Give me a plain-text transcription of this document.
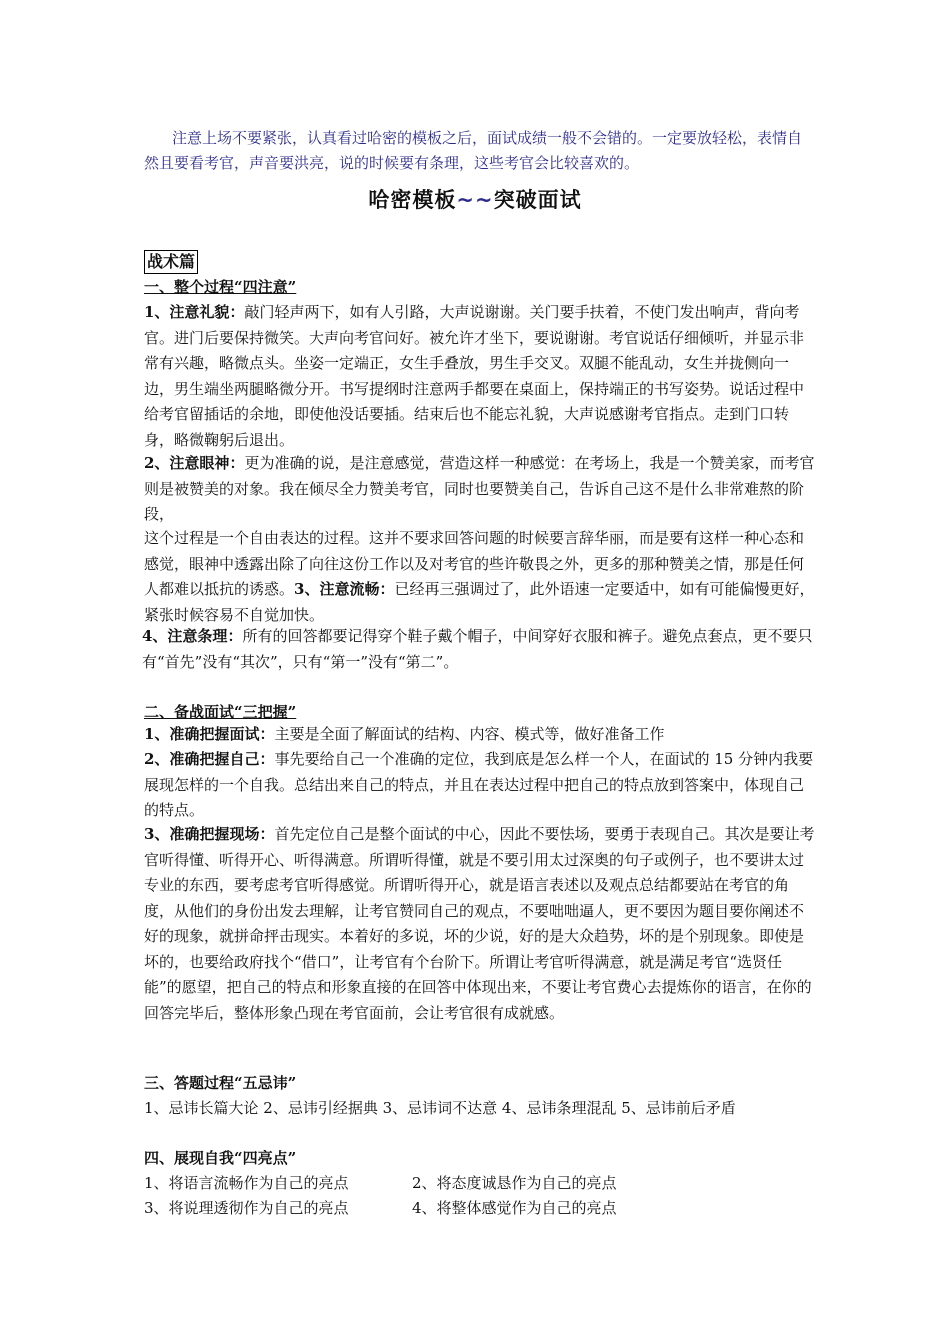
注意上场不要紧张，认真看过哈密的模板之后，面试成绩一般不会错的。一定要放轻松，表情自然且要看考官，声音要洪亮，说的时候要有条理，这些考官会比较喜欢的。
哈密模板~~突破面试
战术篇
一、整个过程“四注意”
1、注意礼貌：敲门轻声两下，如有人引路，大声说谢谢。关门要手扶着，不使门发出响声，背向考官。进门后要保持微笑。大声向考官问好。被允许才坐下，要说谢谢。考官说话仔细倾听，并显示非常有兴趣，略微点头。坐姿一定端正，女生手叠放，男生手交叉。双腿不能乱动，女生并拢侧向一边，男生端坐两腿略微分开。书写提纲时注意两手都要在桌面上，保持端正的书写姿势。说话过程中给考官留插话的余地，即使他没话要插。结束后也不能忘礼貌，大声说感谢考官指点。走到门口转身，略微鞠躬后退出。
2、注意眼神：更为准确的说，是注意感觉，营造这样一种感觉：在考场上，我是一个赞美家，而考官则是被赞美的对象。我在倾尽全力赞美考官，同时也要赞美自己，告诉自己这不是什么非常难熬的阶段，
这个过程是一个自由表达的过程。这并不要求回答问题的时候要言辞华丽，而是要有这样一种心态和感觉，眼神中透露出除了向往这份工作以及对考官的些许敬畏之外，更多的那种赞美之情，那是任何人都难以抵抗的诱惑。3、注意流畅：已经再三强调过了，此外语速一定要适中，如有可能偏慢更好，紧张时候容易不自觉加快。
4、注意条理：所有的回答都要记得穿个鞋子戴个帽子，中间穿好衣服和裤子。避免点套点，更不要只有“首先”没有“其次”，只有“第一”没有“第二”。
二、备战面试“三把握”
1、准确把握面试：主要是全面了解面试的结构、内容、模式等，做好准备工作
2、准确把握自己：事先要给自己一个准确的定位，我到底是怎么样一个人，在面试的 15 分钟内我要展现怎样的一个自我。总结出来自己的特点，并且在表达过程中把自己的特点放到答案中，体现自己的特点。
3、准确把握现场：首先定位自己是整个面试的中心，因此不要怯场，要勇于表现自己。其次是要让考官听得懂、听得开心、听得满意。所谓听得懂，就是不要引用太过深奥的句子或例子，也不要讲太过专业的东西，要考虑考官听得感觉。所谓听得开心，就是语言表述以及观点总结都要站在考官的角度，从他们的身份出发去理解，让考官赞同自己的观点，不要咄咄逼人，更不要因为题目要你阐述不好的现象，就拼命抨击现实。本着好的多说，坏的少说，好的是大众趋势，坏的是个别现象。即使是坏的，也要给政府找个“借口”，让考官有个台阶下。所谓让考官听得满意，就是满足考官“选贤任能”的愿望，把自己的特点和形象直接的在回答中体现出来，不要让考官费心去提炼你的语言，在你的回答完毕后，整体形象凸现在考官面前，会让考官很有成就感。
三、答题过程“五忌讳”
1、忌讳长篇大论 2、忌讳引经据典 3、忌讳词不达意 4、忌讳条理混乱 5、忌讳前后矛盾
四、展现自我“四亮点”
1、将语言流畅作为自己的亮点	2、将态度诚恳作为自己的亮点
3、将说理透彻作为自己的亮点	4、将整体感觉作为自己的亮点
